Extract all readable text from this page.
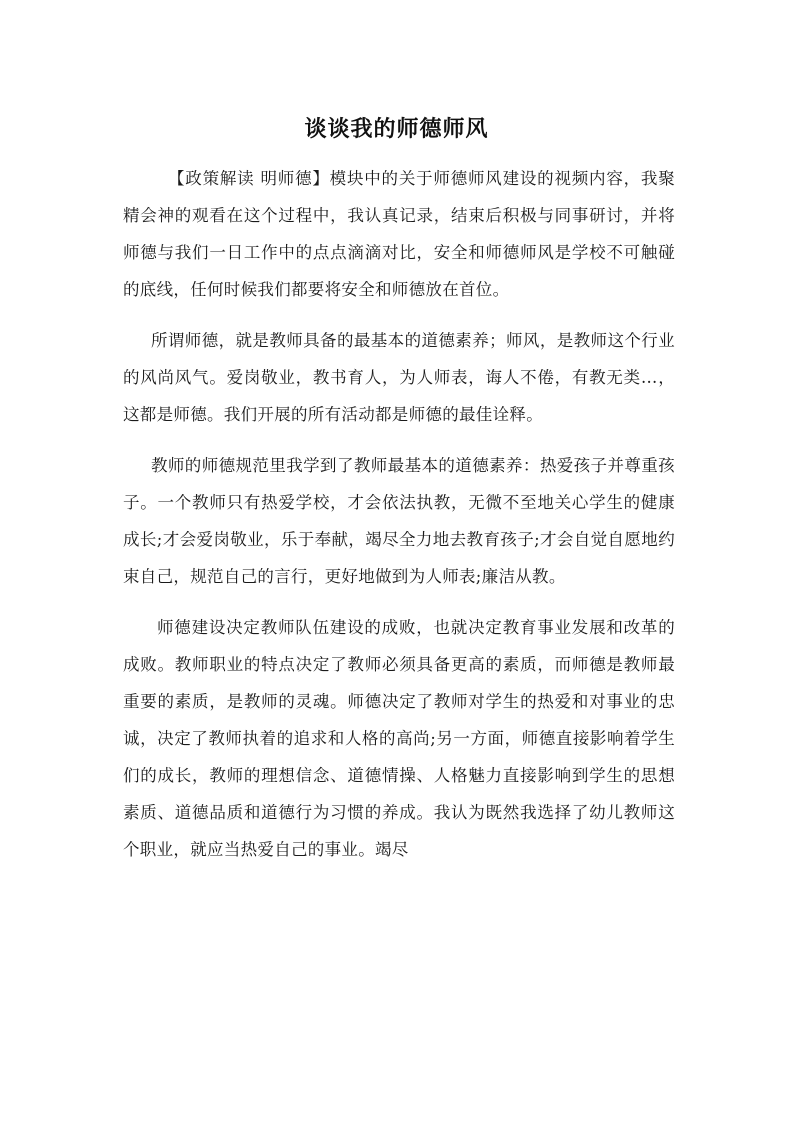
谈谈我的师德师风

【政策解读 明师德】模块中的关于师德师风建设的视频内容，我聚精会神的观看在这个过程中，我认真记录，结束后积极与同事研讨，并将师德与我们一日工作中的点点滴滴对比，安全和师德师风是学校不可触碰的底线，任何时候我们都要将安全和师德放在首位。

所谓师德，就是教师具备的最基本的道德素养；师风，是教师这个行业的风尚风气。爱岗敬业，教书育人，为人师表，诲人不倦，有教无类…，这都是师德。我们开展的所有活动都是师德的最佳诠释。

教师的师德规范里我学到了教师最基本的道德素养：热爱孩子并尊重孩子。一个教师只有热爱学校，才会依法执教，无微不至地关心学生的健康成长;才会爱岗敬业，乐于奉献，竭尽全力地去教育孩子;才会自觉自愿地约束自己，规范自己的言行，更好地做到为人师表;廉洁从教。

师德建设决定教师队伍建设的成败，也就决定教育事业发展和改革的成败。教师职业的特点决定了教师必须具备更高的素质，而师德是教师最重要的素质，是教师的灵魂。师德决定了教师对学生的热爱和对事业的忠诚，决定了教师执着的追求和人格的高尚;另一方面，师德直接影响着学生们的成长，教师的理想信念、道德情操、人格魅力直接影响到学生的思想素质、道德品质和道德行为习惯的养成。我认为既然我选择了幼儿教师这个职业，就应当热爱自己的事业。竭尽
